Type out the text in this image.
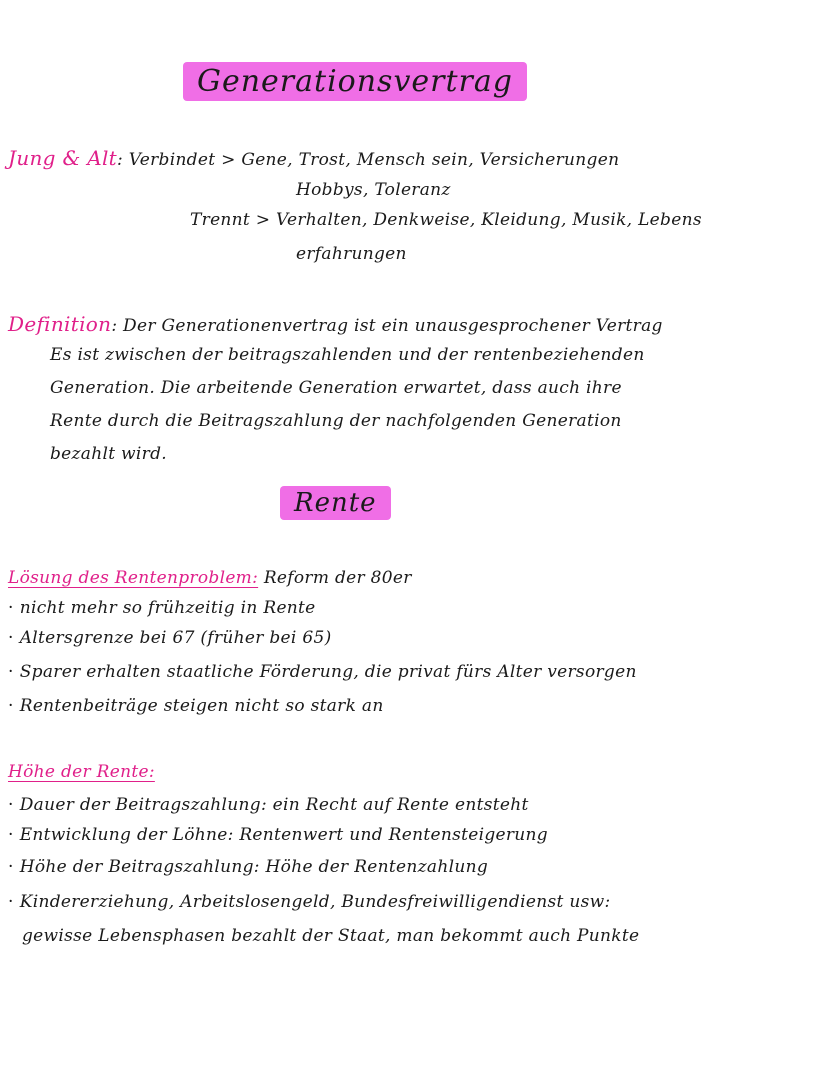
Generationsvertrag
Jung & Alt: Verbindet > Gene, Trost, Mensch sein, Versicherungen
Hobbys, Toleranz
Trennt > Verhalten, Denkweise, Kleidung, Musik, Lebens
erfahrungen
Definition: Der Generationenvertrag ist ein unausgesprochener Vertrag
Es ist zwischen der beitragszahlenden und der rentenbeziehenden
Generation. Die arbeitende Generation erwartet, dass auch ihre
Rente durch die Beitragszahlung der nachfolgenden Generation
bezahlt wird.
Rente
Lösung des Rentenproblem: Reform der 80er
· nicht mehr so frühzeitig in Rente
· Altersgrenze bei 67 (früher bei 65)
· Sparer erhalten staatliche Förderung, die privat fürs Alter versorgen
· Rentenbeiträge steigen nicht so stark an
Höhe der Rente:
· Dauer der Beitragszahlung: ein Recht auf Rente entsteht
· Entwicklung der Löhne: Rentenwert und Rentensteigerung
· Höhe der Beitragszahlung: Höhe der Rentenzahlung
· Kindererziehung, Arbeitslosengeld, Bundesfreiwilligendienst usw:
gewisse Lebensphasen bezahlt der Staat, man bekommt auch Punkte
